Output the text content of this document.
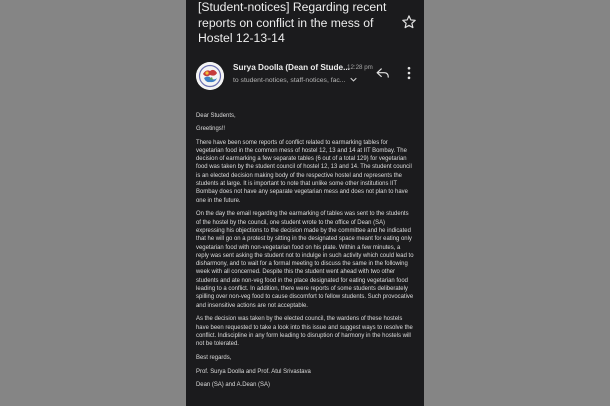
[Student-notices] Regarding recent reports on conflict in the mess of Hostel 12-13-14
Surya Doolla (Dean of Stude...
12:28 pm
to student-notices, staff-notices, fac...

Dear Students,

Greetings!!

There have been some reports of conflict related to earmarking tables for vegetarian food in the common mess of hostel 12, 13 and 14 at IIT Bombay. The decision of earmarking a few separate tables (6 out of a total 129) for vegetarian food was taken by the student council of hostel 12, 13 and 14. The student council is an elected decision making body of the respective hostel and represents the students at large. It is important to note that unlike some other institutions IIT Bombay does not have any separate vegetarian mess and does not plan to have one in the future.

On the day the email regarding the earmarking of tables was sent to the students of the hostel by the council, one student wrote to the office of Dean (SA) expressing his objections to the decision made by the committee and he indicated that he will go on a protest by sitting in the designated space meant for eating only vegetarian food with non-vegetarian food on his plate. Within a few minutes, a reply was sent asking the student not to indulge in such activity which could lead to disharmony, and to wait for a formal meeting to discuss the same in the following week with all concerned. Despite this the student went ahead with two other students and ate non-veg food in the place designated for eating vegetarian food leading to a conflict. In addition, there were reports of some students deliberately spilling over non-veg food to cause discomfort to fellow students. Such provocative and insensitive actions are not acceptable.

As the decision was taken by the elected council, the wardens of these hostels have been requested to take a look into this issue and suggest ways to resolve the conflict. Indiscipline in any form leading to disruption of harmony in the hostels will not be tolerated.

Best regards,

Prof. Surya Doolla and Prof. Atul Srivastava

Dean (SA) and A.Dean (SA)
